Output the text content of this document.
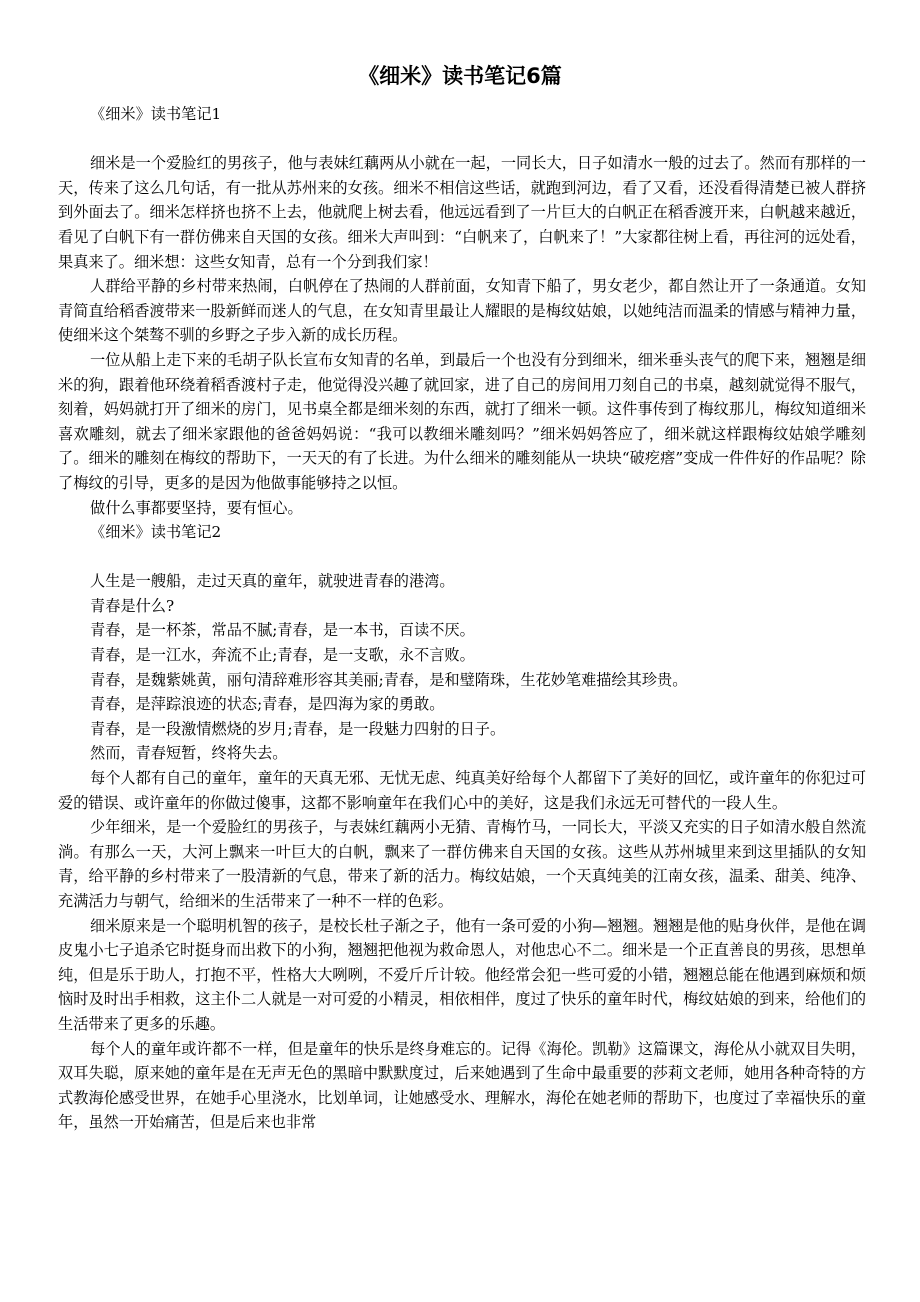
《细米》读书笔记6篇

《细米》读书笔记1

细米是一个爱脸红的男孩子，他与表妹红藕两从小就在一起，一同长大，日子如清水一般的过去了。然而有那样的一天，传来了这么几句话，有一批从苏州来的女孩。细米不相信这些话，就跑到河边，看了又看，还没看得清楚已被人群挤到外面去了。细米怎样挤也挤不上去，他就爬上树去看，他远远看到了一片巨大的白帆正在稻香渡开来，白帆越来越近，看见了白帆下有一群仿佛来自天国的女孩。细米大声叫到：“白帆来了，白帆来了！”大家都往树上看，再往河的远处看，果真来了。细米想：这些女知青，总有一个分到我们家！

人群给平静的乡村带来热闹，白帆停在了热闹的人群前面，女知青下船了，男女老少，都自然让开了一条通道。女知青简直给稻香渡带来一股新鲜而迷人的气息，在女知青里最让人耀眼的是梅纹姑娘，以她纯洁而温柔的情感与精神力量，使细米这个桀骜不驯的乡野之子步入新的成长历程。

一位从船上走下来的毛胡子队长宣布女知青的名单，到最后一个也没有分到细米，细米垂头丧气的爬下来，翘翘是细米的狗，跟着他环绕着稻香渡村子走，他觉得没兴趣了就回家，进了自己的房间用刀刻自己的书桌，越刻就觉得不服气，刻着，妈妈就打开了细米的房门，见书桌全都是细米刻的东西，就打了细米一顿。这件事传到了梅纹那儿，梅纹知道细米喜欢雕刻，就去了细米家跟他的爸爸妈妈说：“我可以教细米雕刻吗？”细米妈妈答应了，细米就这样跟梅纹姑娘学雕刻了。细米的雕刻在梅纹的帮助下，一天天的有了长进。为什么细米的雕刻能从一块块“破疙瘩”变成一件件好的作品呢？除了梅纹的引导，更多的是因为他做事能够持之以恒。

做什么事都要坚持，要有恒心。

《细米》读书笔记2

人生是一艘船，走过天真的童年，就驶进青春的港湾。

青春是什么?

青春，是一杯茶，常品不腻;青春，是一本书，百读不厌。

青春，是一江水，奔流不止;青春，是一支歌，永不言败。

青春，是魏紫姚黄，丽句清辞难形容其美丽;青春，是和璧隋珠，生花妙笔难描绘其珍贵。

青春，是萍踪浪迹的状态;青春，是四海为家的勇敢。

青春，是一段激情燃烧的岁月;青春，是一段魅力四射的日子。

然而，青春短暂，终将失去。

每个人都有自己的童年，童年的天真无邪、无忧无虑、纯真美好给每个人都留下了美好的回忆，或许童年的你犯过可爱的错误、或许童年的你做过傻事，这都不影响童年在我们心中的美好，这是我们永远无可替代的一段人生。

少年细米，是一个爱脸红的男孩子，与表妹红藕两小无猜、青梅竹马，一同长大，平淡又充实的日子如清水般自然流淌。有那么一天，大河上飘来一叶巨大的白帆，飘来了一群仿佛来自天国的女孩。这些从苏州城里来到这里插队的女知青，给平静的乡村带来了一股清新的气息，带来了新的活力。梅纹姑娘，一个天真纯美的江南女孩，温柔、甜美、纯净、充满活力与朝气，给细米的生活带来了一种不一样的色彩。

细米原来是一个聪明机智的孩子，是校长杜子渐之子，他有一条可爱的小狗—翘翘。翘翘是他的贴身伙伴，是他在调皮鬼小七子追杀它时挺身而出救下的小狗，翘翘把他视为救命恩人，对他忠心不二。细米是一个正直善良的男孩，思想单纯，但是乐于助人，打抱不平，性格大大咧咧，不爱斤斤计较。他经常会犯一些可爱的小错，翘翘总能在他遇到麻烦和烦恼时及时出手相救，这主仆二人就是一对可爱的小精灵，相依相伴，度过了快乐的童年时代，梅纹姑娘的到来，给他们的生活带来了更多的乐趣。

每个人的童年或许都不一样，但是童年的快乐是终身难忘的。记得《海伦。凯勒》这篇课文，海伦从小就双目失明，双耳失聪，原来她的童年是在无声无色的黑暗中默默度过，后来她遇到了生命中最重要的莎莉文老师，她用各种奇特的方式教海伦感受世界，在她手心里浇水，比划单词，让她感受水、理解水，海伦在她老师的帮助下，也度过了幸福快乐的童年，虽然一开始痛苦，但是后来也非常
